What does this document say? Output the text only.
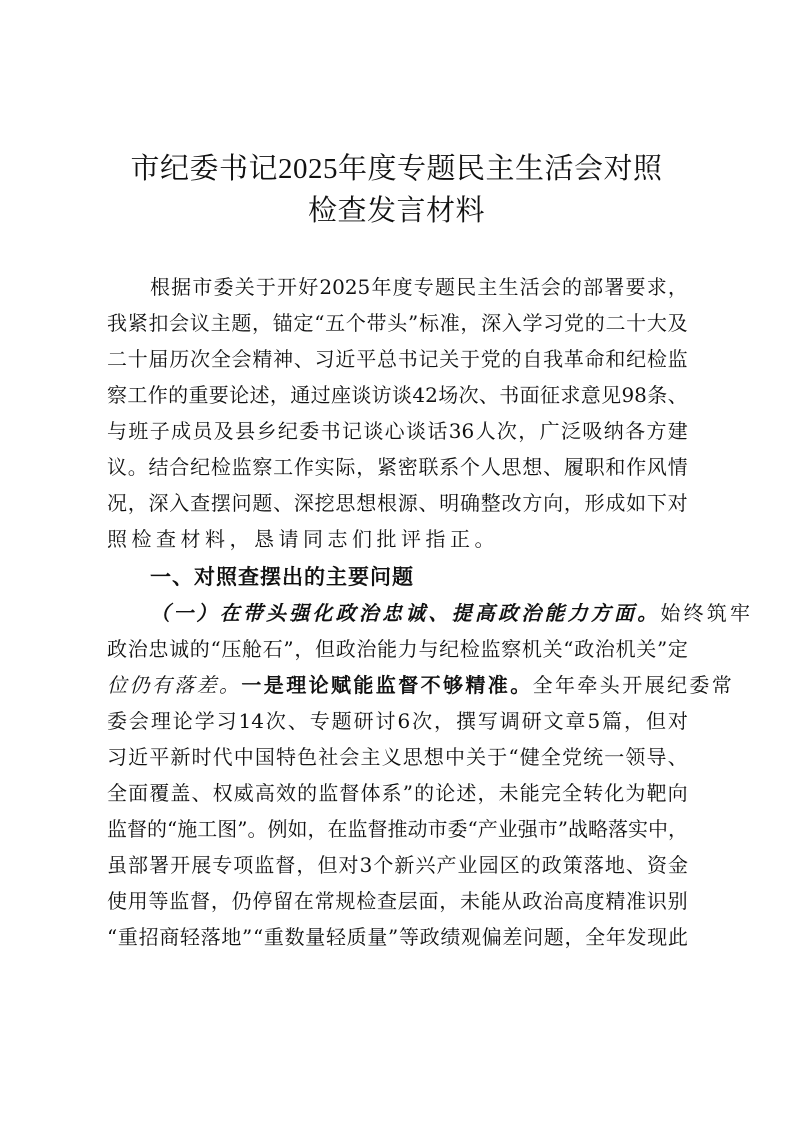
市纪委书记2025年度专题民主生活会对照
检查发言材料
根 据 市 委 关 于 开 好 2025 年 度 专 题 民 主 生 活 会 的 部 署 要 求 ，
我 紧 扣 会 议 主 题 ， 锚 定 “ 五 个 带 头 ” 标 准 ， 深 入 学 习 党 的 二 十 大 及
二 十 届 历 次 全 会 精 神 、 习 近 平 总 书 记 关 于 党 的 自 我 革 命 和 纪 检 监
察 工 作 的 重 要 论 述 ， 通 过 座 谈 访 谈 42 场 次 、 书 面 征 求 意 见 98 条 、
与 班 子 成 员 及 县 乡 纪 委 书 记 谈 心 谈 话 36 人 次 ， 广 泛 吸 纳 各 方 建
议 。 结 合 纪 检 监 察 工 作 实 际 ， 紧 密 联 系 个 人 思 想 、 履 职 和 作 风 情
况 ， 深 入 查 摆 问 题 、 深 挖 思 想 根 源 、 明 确 整 改 方 向 ， 形 成 如 下 对
照检查材料，恳请同志们批评指正。
一、对照查摆出的主要问题
（一）在带头强化政治忠诚、提高政治能力方面。 始终筑牢
政 治 忠 诚 的 “ 压 舱 石 ” ， 但 政 治 能 力 与 纪 检 监 察 机 关 “ 政 治 机 关 ” 定
位仍有落差。 一是理论赋能监督不够精准。 全年牵头开展纪委常
委 会 理 论 学 习 14 次 、 专 题 研 讨 6 次 ， 撰 写 调 研 文 章 5 篇 ， 但 对
习 近 平 新 时 代 中 国 特 色 社 会 主 义 思 想 中 关 于 “ 健 全 党 统 一 领 导 、
全 面 覆 盖 、 权 威 高 效 的 监 督 体 系 ” 的 论 述 ， 未 能 完 全 转 化 为 靶 向
监 督 的 “ 施 工 图 ” 。 例 如 ， 在 监 督 推 动 市 委 “ 产 业 强 市 ” 战 略 落 实 中 ，
虽 部 署 开 展 专 项 监 督 ， 但 对 3 个 新 兴 产 业 园 区 的 政 策 落 地 、 资 金
使 用 等 监 督 ， 仍 停 留 在 常 规 检 查 层 面 ， 未 能 从 政 治 高 度 精 准 识 别
“ 重 招 商 轻 落 地 ” “ 重 数 量 轻 质 量 ” 等 政 绩 观 偏 差 问 题 ， 全 年 发 现 此
